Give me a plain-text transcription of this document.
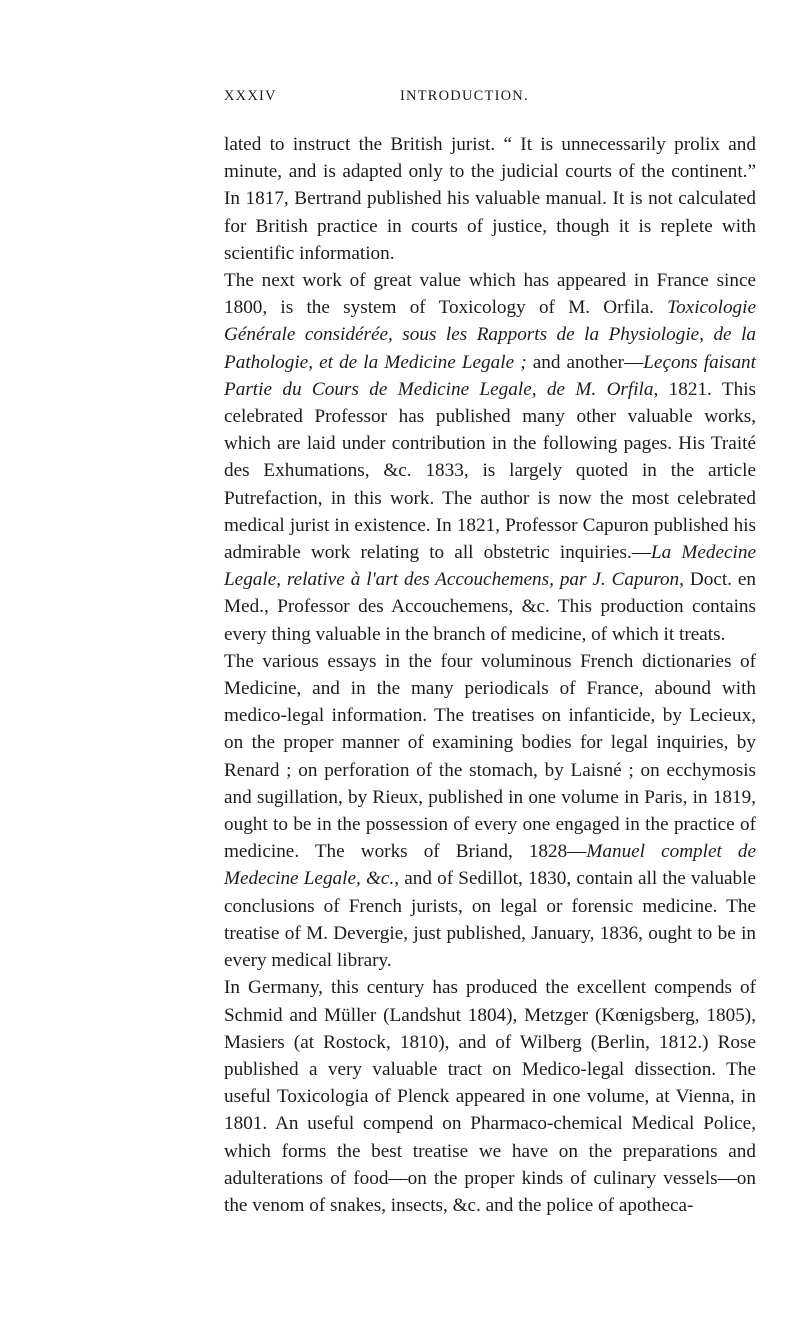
XXXIV	INTRODUCTION.

lated to instruct the British jurist. “ It is unnecessarily prolix and minute, and is adapted only to the judicial courts of the continent.” In 1817, Bertrand published his valuable manual. It is not calculated for British practice in courts of justice, though it is replete with scientific information.

The next work of great value which has appeared in France since 1800, is the system of Toxicology of M. Orfila. Toxicologie Générale considérée, sous les Rapports de la Physiologie, de la Pathologie, et de la Medicine Legale ; and another—Leçons faisant Partie du Cours de Medicine Legale, de M. Orfila, 1821. This celebrated Professor has published many other valuable works, which are laid under contribution in the following pages. His Traité des Exhumations, &c. 1833, is largely quoted in the article Putrefaction, in this work. The author is now the most celebrated medical jurist in existence. In 1821, Professor Capuron published his admirable work relating to all obstetric inquiries.—La Medecine Legale, relative à l'art des Accouchemens, par J. Capuron, Doct. en Med., Professor des Accouchemens, &c. This production contains every thing valuable in the branch of medicine, of which it treats.

The various essays in the four voluminous French dictionaries of Medicine, and in the many periodicals of France, abound with medico-legal information. The treatises on infanticide, by Lecieux, on the proper manner of examining bodies for legal inquiries, by Renard ; on perforation of the stomach, by Laisné ; on ecchymosis and sugillation, by Rieux, published in one volume in Paris, in 1819, ought to be in the possession of every one engaged in the practice of medicine. The works of Briand, 1828—Manuel complet de Medecine Legale, &c., and of Sedillot, 1830, contain all the valuable conclusions of French jurists, on legal or forensic medicine. The treatise of M. Devergie, just published, January, 1836, ought to be in every medical library.

In Germany, this century has produced the excellent compends of Schmid and Müller (Landshut 1804), Metzger (Kœnigsberg, 1805), Masiers (at Rostock, 1810), and of Wilberg (Berlin, 1812.) Rose published a very valuable tract on Medico-legal dissection. The useful Toxicologia of Plenck appeared in one volume, at Vienna, in 1801. An useful compend on Pharmaco-chemical Medical Police, which forms the best treatise we have on the preparations and adulterations of food—on the proper kinds of culinary vessels—on the venom of snakes, insects, &c. and the police of apotheca-
